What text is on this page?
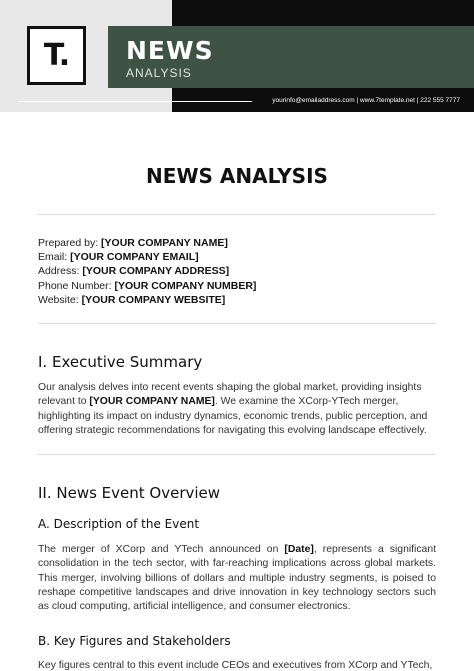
T. NEWS
ANALYSIS
yourinfo@emailaddress.com | www.7template.net | 222 555 7777
NEWS ANALYSIS
Prepared by: [YOUR COMPANY NAME]
Email: [YOUR COMPANY EMAIL]
Address: [YOUR COMPANY ADDRESS]
Phone Number: [YOUR COMPANY NUMBER]
Website: [YOUR COMPANY WEBSITE]
I. Executive Summary
Our analysis delves into recent events shaping the global market, providing insights relevant to [YOUR COMPANY NAME]. We examine the XCorp-YTech merger, highlighting its impact on industry dynamics, economic trends, public perception, and offering strategic recommendations for navigating this evolving landscape effectively.
II. News Event Overview
A. Description of the Event
The merger of XCorp and YTech announced on [Date], represents a significant consolidation in the tech sector, with far-reaching implications across global markets. This merger, involving billions of dollars and multiple industry segments, is poised to reshape competitive landscapes and drive innovation in key technology sectors such as cloud computing, artificial intelligence, and consumer electronics.
B. Key Figures and Stakeholders
Key figures central to this event include CEOs and executives from XCorp and YTech,
